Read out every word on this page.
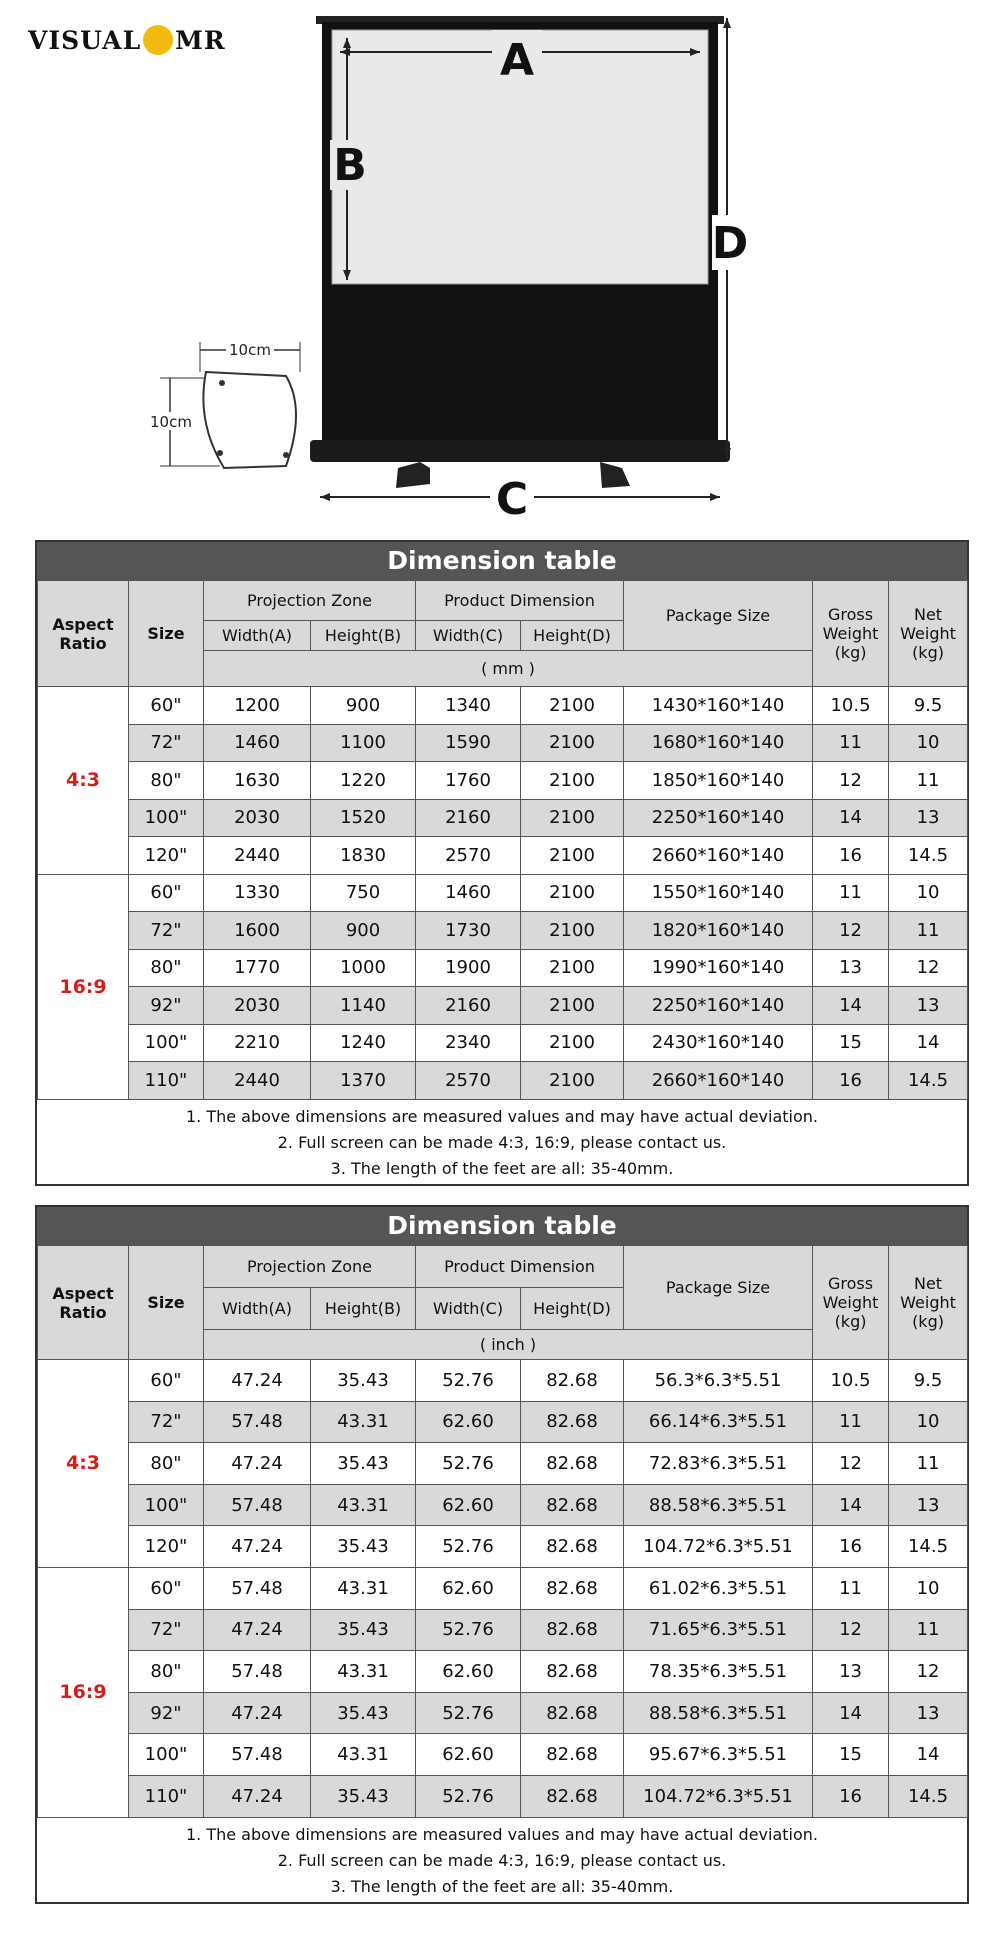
VISUAL MR	A
B
D
C
10cm
10cm
Dimension table
Aspect Ratio	Size	Projection Zone		Product Dimension		Package Size	Gross Weight (kg)	Net Weight (kg)
		Width(A)	Height(B)	Width(C)	Height(D)			
		( mm )						
4:3	60"	1200	900	1340	2100	1430*160*140	10.5	9.5
	72"	1460	1100	1590	2100	1680*160*140	11	10
	80"	1630	1220	1760	2100	1850*160*140	12	11
	100"	2030	1520	2160	2100	2250*160*140	14	13
	120"	2440	1830	2570	2100	2660*160*140	16	14.5
16:9	60"	1330	750	1460	2100	1550*160*140	11	10
	72"	1600	900	1730	2100	1820*160*140	12	11
	80"	1770	1000	1900	2100	1990*160*140	13	12
	92"	2030	1140	2160	2100	2250*160*140	14	13
	100"	2210	1240	2340	2100	2430*160*140	15	14
	110"	2440	1370	2570	2100	2660*160*140	16	14.5
1. The above dimensions are measured values and may have actual deviation.
2. Full screen can be made 4:3, 16:9, please contact us.
3. The length of the feet are all: 35-40mm.
Dimension table
Aspect Ratio	Size	Projection Zone		Product Dimension		Package Size	Gross Weight (kg)	Net Weight (kg)
		Width(A)	Height(B)	Width(C)	Height(D)			
		( inch )						
4:3	60"	47.24	35.43	52.76	82.68	56.3*6.3*5.51	10.5	9.5
	72"	57.48	43.31	62.60	82.68	66.14*6.3*5.51	11	10
	80"	47.24	35.43	52.76	82.68	72.83*6.3*5.51	12	11
	100"	57.48	43.31	62.60	82.68	88.58*6.3*5.51	14	13
	120"	47.24	35.43	52.76	82.68	104.72*6.3*5.51	16	14.5
16:9	60"	57.48	43.31	62.60	82.68	61.02*6.3*5.51	11	10
	72"	47.24	35.43	52.76	82.68	71.65*6.3*5.51	12	11
	80"	57.48	43.31	62.60	82.68	78.35*6.3*5.51	13	12
	92"	47.24	35.43	52.76	82.68	88.58*6.3*5.51	14	13
	100"	57.48	43.31	62.60	82.68	95.67*6.3*5.51	15	14
	110"	47.24	35.43	52.76	82.68	104.72*6.3*5.51	16	14.5
1. The above dimensions are measured values and may have actual deviation.
2. Full screen can be made 4:3, 16:9, please contact us.
3. The length of the feet are all: 35-40mm.
